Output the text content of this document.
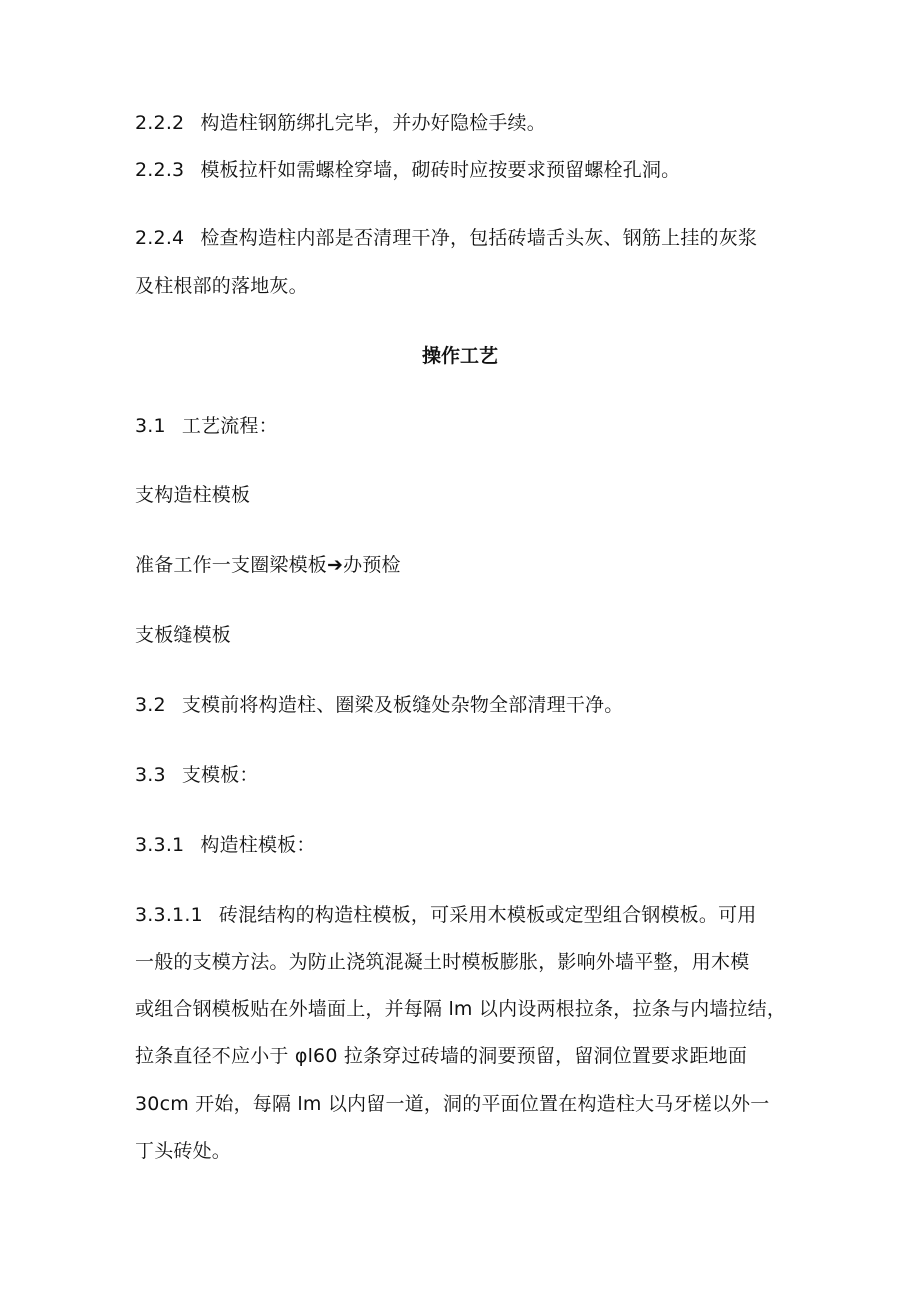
2.2.2 构造柱钢筋绑扎完毕，并办好隐检手续。
2.2.3 模板拉杆如需螺栓穿墙，砌砖时应按要求预留螺栓孔洞。
2.2.4 检查构造柱内部是否清理干净，包括砖墙舌头灰、钢筋上挂的灰浆
及柱根部的落地灰。
操作工艺
3.1 工艺流程：
支构造柱模板
准备工作一支圈梁模板➔办预检
支板缝模板
3.2 支模前将构造柱、圈梁及板缝处杂物全部清理干净。
3.3 支模板：
3.3.1 构造柱模板：
3.3.1.1 砖混结构的构造柱模板，可采用木模板或定型组合钢模板。可用
一般的支模方法。为防止浇筑混凝土时模板膨胀，影响外墙平整，用木模
或组合钢模板贴在外墙面上，并每隔 lm 以内设两根拉条，拉条与内墙拉结，
拉条直径不应小于 φl60 拉条穿过砖墙的洞要预留，留洞位置要求距地面
30cm 开始，每隔 lm 以内留一道，洞的平面位置在构造柱大马牙槎以外一
丁头砖处。
